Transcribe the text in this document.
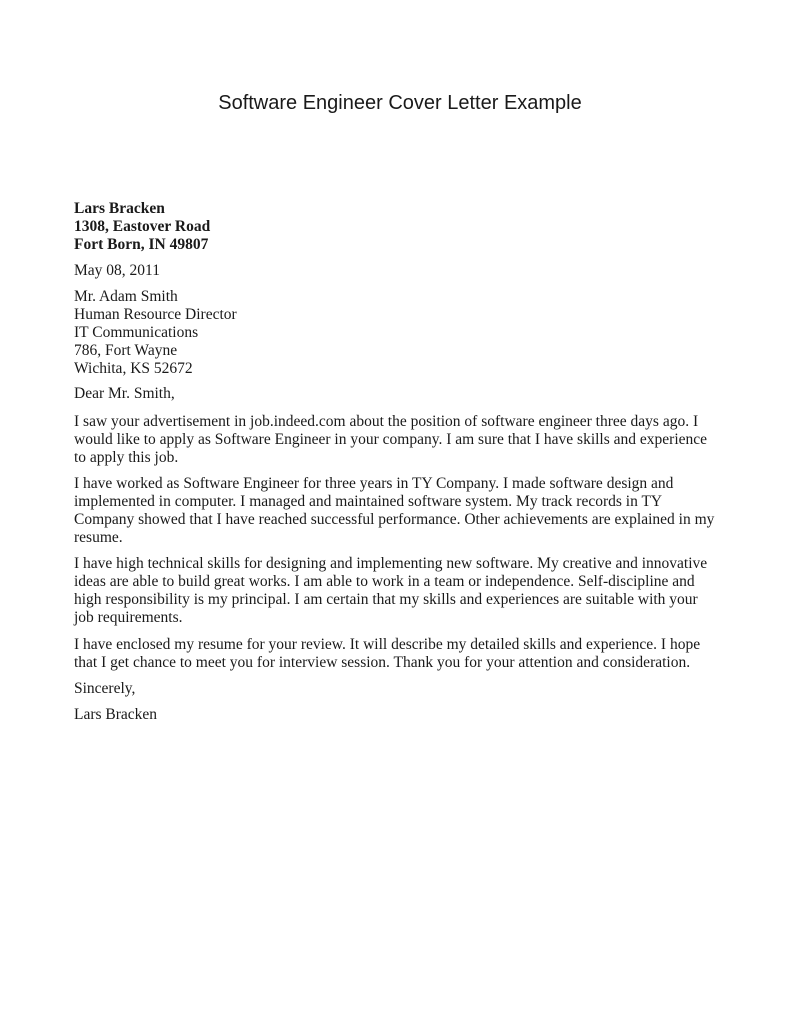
Software Engineer Cover Letter Example
Lars Bracken
1308, Eastover Road
Fort Born, IN 49807
May 08, 2011
Mr. Adam Smith
Human Resource Director
IT Communications
786, Fort Wayne
Wichita, KS 52672
Dear Mr. Smith,
I saw your advertisement in job.indeed.com about the position of software engineer three days ago. I
would like to apply as Software Engineer in your company. I am sure that I have skills and experience
to apply this job.
I have worked as Software Engineer for three years in TY Company. I made software design and
implemented in computer. I managed and maintained software system. My track records in TY
Company showed that I have reached successful performance. Other achievements are explained in my
resume.
I have high technical skills for designing and implementing new software. My creative and innovative
ideas are able to build great works. I am able to work in a team or independence. Self-discipline and
high responsibility is my principal. I am certain that my skills and experiences are suitable with your
job requirements.
I have enclosed my resume for your review. It will describe my detailed skills and experience. I hope
that I get chance to meet you for interview session. Thank you for your attention and consideration.
Sincerely,
Lars Bracken
